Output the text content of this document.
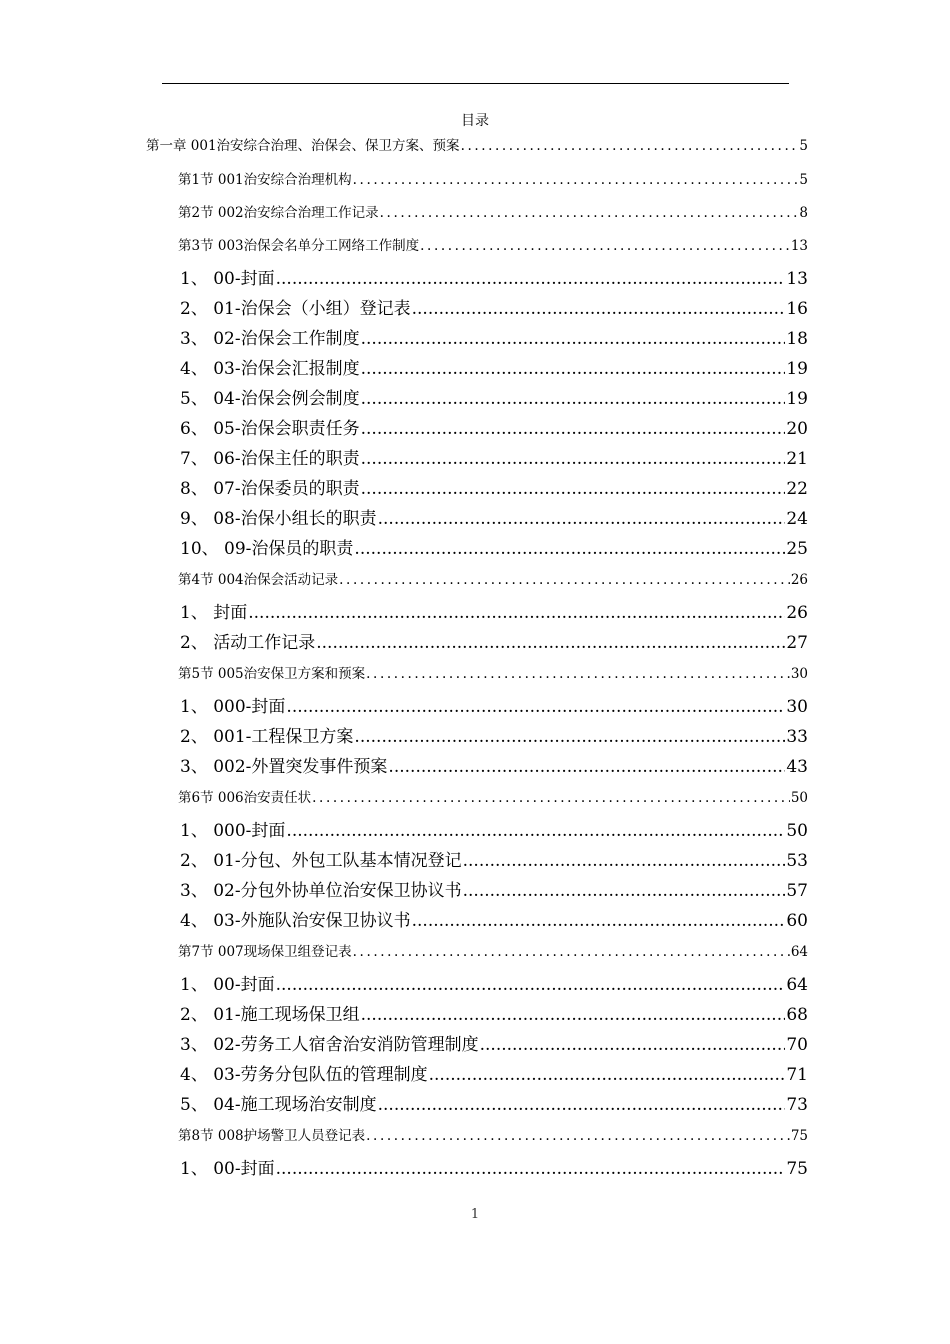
目录
第一章 001治安综合治理、治保会、保卫方案、预案 .....	5
第1节 001治安综合治理机构 .....	5
第2节 002治安综合治理工作记录 .....	8
第3节 003治保会名单分工网络工作制度 .....	13
1、 00-封面 .....	13
2、 01-治保会（小组）登记表 .....	16
3、 02-治保会工作制度 .....	18
4、 03-治保会汇报制度 .....	19
5、 04-治保会例会制度 .....	19
6、 05-治保会职责任务 .....	20
7、 06-治保主任的职责 .....	21
8、 07-治保委员的职责 .....	22
9、 08-治保小组长的职责 .....	24
10、 09-治保员的职责 .....	25
第4节 004治保会活动记录 .....	26
1、 封面 .....	26
2、 活动工作记录 .....	27
第5节 005治安保卫方案和预案 .....	30
1、 000-封面 .....	30
2、 001-工程保卫方案 .....	33
3、 002-外置突发事件预案 .....	43
第6节 006治安责任状 .....	50
1、 000-封面 .....	50
2、 01-分包、外包工队基本情况登记 .....	53
3、 02-分包外协单位治安保卫协议书 .....	57
4、 03-外施队治安保卫协议书 .....	60
第7节 007现场保卫组登记表 .....	64
1、 00-封面 .....	64
2、 01-施工现场保卫组 .....	68
3、 02-劳务工人宿舍治安消防管理制度 .....	70
4、 03-劳务分包队伍的管理制度 .....	71
5、 04-施工现场治安制度 .....	73
第8节 008护场警卫人员登记表 .....	75
1、 00-封面 .....	75
1
